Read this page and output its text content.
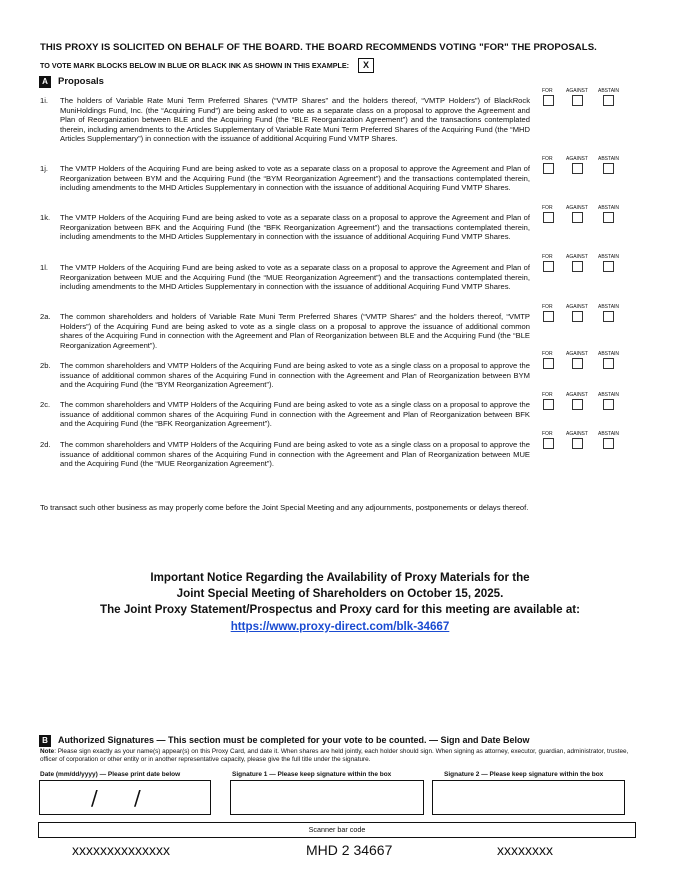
THIS PROXY IS SOLICITED ON BEHALF OF THE BOARD. THE BOARD RECOMMENDS VOTING "FOR" THE PROPOSALS.
TO VOTE MARK BLOCKS BELOW IN BLUE OR BLACK INK AS SHOWN IN THIS EXAMPLE:	X
A	Proposals
1i. The holders of Variable Rate Muni Term Preferred Shares (“VMTP Shares” and the holders thereof, “VMTP Holders”) of BlackRock MuniHoldings Fund, Inc. (the “Acquiring Fund”) are being asked to vote as a separate class on a proposal to approve the Agreement and Plan of Reorganization between BLE and the Acquiring Fund (the “BLE Reorganization Agreement”) and the transactions contemplated therein, including amendments to the Articles Supplementary of Variable Rate Muni Term Preferred Shares of the Acquiring Fund (the “MHD Articles Supplementary”) in connection with the issuance of additional Acquiring Fund VMTP Shares.
1j. The VMTP Holders of the Acquiring Fund are being asked to vote as a separate class on a proposal to approve the Agreement and Plan of Reorganization between BYM and the Acquiring Fund (the “BYM Reorganization Agreement”) and the transactions contemplated therein, including amendments to the MHD Articles Supplementary in connection with the issuance of additional Acquiring Fund VMTP Shares.
1k. The VMTP Holders of the Acquiring Fund are being asked to vote as a separate class on a proposal to approve the Agreement and Plan of Reorganization between BFK and the Acquiring Fund (the “BFK Reorganization Agreement”) and the transactions contemplated therein, including amendments to the MHD Articles Supplementary in connection with the issuance of additional Acquiring Fund VMTP Shares.
1l. The VMTP Holders of the Acquiring Fund are being asked to vote as a separate class on a proposal to approve the Agreement and Plan of Reorganization between MUE and the Acquiring Fund (the “MUE Reorganization Agreement”) and the transactions contemplated therein, including amendments to the MHD Articles Supplementary in connection with the issuance of additional Acquiring Fund VMTP Shares.
2a. The common shareholders and holders of Variable Rate Muni Term Preferred Shares (“VMTP Shares” and the holders thereof, “VMTP Holders”) of the Acquiring Fund are being asked to vote as a single class on a proposal to approve the issuance of additional common shares of the Acquiring Fund in connection with the Agreement and Plan of Reorganization between BLE and the Acquiring Fund (the “BLE Reorganization Agreement”).
2b. The common shareholders and VMTP Holders of the Acquiring Fund are being asked to vote as a single class on a proposal to approve the issuance of additional common shares of the Acquiring Fund in connection with the Agreement and Plan of Reorganization between BYM and the Acquiring Fund (the “BYM Reorganization Agreement”).
2c. The common shareholders and VMTP Holders of the Acquiring Fund are being asked to vote as a single class on a proposal to approve the issuance of additional common shares of the Acquiring Fund in connection with the Agreement and Plan of Reorganization between BFK and the Acquiring Fund (the “BFK Reorganization Agreement”).
2d. The common shareholders and VMTP Holders of the Acquiring Fund are being asked to vote as a single class on a proposal to approve the issuance of additional common shares of the Acquiring Fund in connection with the Agreement and Plan of Reorganization between MUE and the Acquiring Fund (the “MUE Reorganization Agreement”).
FOR	AGAINST ABSTAIN
FOR	AGAINST ABSTAIN
FOR	AGAINST ABSTAIN
FOR	AGAINST ABSTAIN
FOR	AGAINST ABSTAIN
FOR	AGAINST ABSTAIN
FOR	AGAINST ABSTAIN
FOR	AGAINST ABSTAIN
To transact such other business as may properly come before the Joint Special Meeting and any adjournments, postponements or delays thereof.
Important Notice Regarding the Availability of Proxy Materials for the
Joint Special Meeting of Shareholders on October 15, 2025.
The Joint Proxy Statement/Prospectus and Proxy card for this meeting are available at:
https://www.proxy-direct.com/blk-34667
B	Authorized Signatures — This section must be completed for your vote to be counted. — Sign and Date Below
Note: Please sign exactly as your name(s) appear(s) on this Proxy Card, and date it. When shares are held jointly, each holder should sign. When signing as attorney, executor, guardian, administrator, trustee, officer of corporation or other entity or in another representative capacity, please give the full title under the signature.
Date (mm/dd/yyyy) — Please print date below	Signature 1 — Please keep signature within the box	Signature 2 — Please keep signature within the box
/ /
Scanner bar code
xxxxxxxxxxxxxx	MHD 2 34667	xxxxxxxx
